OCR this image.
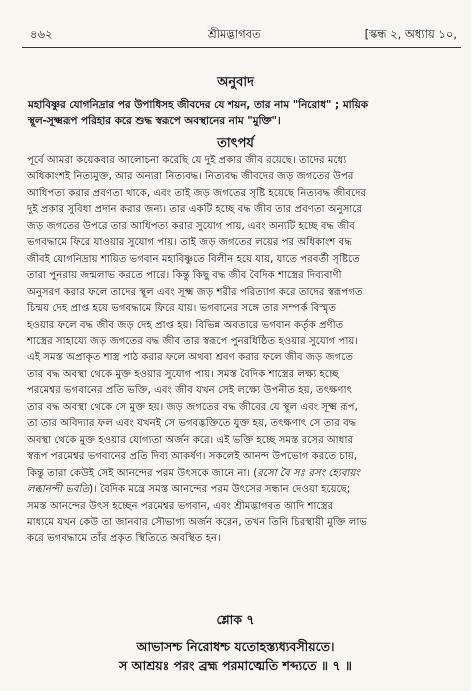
৪৬২	শ্রীমদ্ভাগবত	[স্কন্ধ ২, অধ্যায় ১০,
অনুবাদ
মহাবিষ্ণুর যোগনিদ্রার পর উপাধিসহ জীবদের যে শয়ন, তার নাম "নিরোধ" ; মায়িক
স্থূল-সূক্ষ্মরূপ পরিহার করে শুদ্ধ স্বরূপে অবস্থানের নাম "মুক্তি"।
তাৎপর্য
পূর্বে আমরা কয়েকবার আলোচনা করেছি যে দুই প্রকার জীব রয়েছে। তাদের মধ্যে
অধিকাংশই নিত্যমুক্ত, আর অন্যরা নিত্যবদ্ধ। নিত্যবদ্ধ জীবদের জড় জগতের উপর
আধিপত্য করার প্রবণতা থাকে, এবং তাই জড় জগতের সৃষ্টি হয়েছে নিত্যবদ্ধ জীবদের
দুই প্রকার সুবিধা প্রদান করার জন্য। তার একটি হচ্ছে বদ্ধ জীব তার প্রবণতা অনুসারে
জড় জগতের উপরে তার আধিপত্য করার সুযোগ পায়, এবং অন্যটি হচ্ছে বদ্ধ জীব
ভগবদ্ধামে ফিরে যাওয়ার সুযোগ পায়। তাই জড় জগতের লয়ের পর অধিকাংশ বদ্ধ
জীবই যোগনিদ্রায় শায়িত ভগবান মহাবিষ্ণুতে বিলীন হয়ে যায়, যাতে পরবর্তী সৃষ্টিতে
তারা পুনরায় জন্মলাভ করতে পারে। কিন্তু কিছু বদ্ধ জীব বৈদিক শাস্ত্রের দিব্যবাণী
অনুসরণ করার ফলে তাদের স্থূল এবং সূক্ষ্ম জড় শরীর পরিত্যাগ করে তাদের স্বরূপগত
চিন্ময় দেহ প্রাপ্ত হয়ে ভগবদ্ধামে ফিরে যায়। ভগবানের সঙ্গে তার সম্পর্ক বিস্মৃত
হওয়ার ফলে বদ্ধ জীব জড় দেহ প্রাপ্ত হয়। বিভিন্ন অবতারে ভগবান কর্তৃক প্রণীত
শাস্ত্রের সাহায্যে জড় জগতের বদ্ধ জীব তার স্বরূপে পুনরধিষ্ঠিত হওয়ার সুযোগ পায়।
এই সমস্ত অপ্রাকৃত শাস্ত্র পাঠ করার ফলে অথবা শ্রবণ করার ফলে জীব জড় জগতে
তার বদ্ধ অবস্থা থেকে মুক্ত হওয়ার সুযোগ পায়। সমস্ত বৈদিক শাস্ত্রের লক্ষ্য হচ্ছে
পরমেশ্বর ভগবানের প্রতি ভক্তি, এবং জীব যখন সেই লক্ষ্যে উপনীত হয়, তৎক্ষণাৎ
তার বদ্ধ অবস্থা থেকে সে মুক্ত হয়। জড় জগতের বদ্ধ জীবের যে স্থূল এবং সূক্ষ্ম রূপ,
তা তার অবিদ্যার ফল এবং যখনই সে ভগবদ্ভক্তিতে যুক্ত হয়, তৎক্ষণাৎ সে তার বদ্ধ
অবস্থা থেকে মুক্ত হওয়ার যোগ্যতা অর্জন করে। এই ভক্তি হচ্ছে সমস্ত রসের আধার
স্বরূপ পরমেশ্বর ভগবানের প্রতি দিব্য আকর্ষণ। সকলেই আনন্দ উপভোগ করতে চায়,
কিন্তু তারা কেউই সেই আনন্দের পরম উৎসকে জানে না। (রসো বৈ সঃ রসং হ্যেবায়ং
লব্ধানন্দী ভবতি)। বৈদিক মন্ত্রে সমস্ত আনন্দের পরম উৎসের সন্ধান দেওয়া হয়েছে;
সমস্ত আনন্দের উৎস হচ্ছেন পরমেশ্বর ভগবান, এবং শ্রীমদ্ভাগবত আদি শাস্ত্রের
মাধ্যমে যখন কেউ তা জানবার সৌভাগ্য অর্জন করেন, তখন তিনি চিরস্থায়ী মুক্তি লাভ
করে ভগবদ্ধামে তাঁর প্রকৃত স্থিতিতে অবস্থিত হন।
শ্লোক ৭
আভাসশ্চ নিরোধশ্চ যতোহস্ত্যধ্যবসীয়তে।
স আশ্রয়ঃ পরং ব্রহ্ম পরমাত্মেতি শব্দ্যতে ॥ ৭ ॥
